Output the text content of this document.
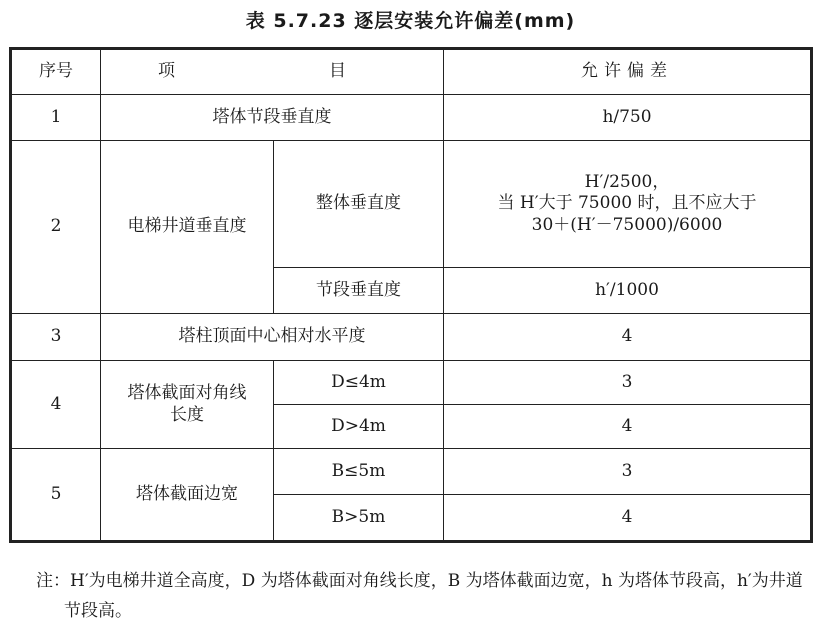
表 5.7.23 逐层安装允许偏差(mm)
序号	项　　目		允许偏差
1	塔体节段垂直度		h/750
2	电梯井道垂直度	整体垂直度	H′/2500，
当 H′大于 75000 时，且不应大于
30＋(H′－75000)/6000

		节段垂直度	h′/1000
3	塔柱顶面中心相对水平度		4
4	塔体截面对角线
长度	D≤4m	3
		D>4m	4
5	塔体截面边宽	B≤5m	3
		B>5m	4
注：H′为电梯井道全高度，D 为塔体截面对角线长度，B 为塔体截面边宽，h 为塔体节段高，h′为井道节段高。
